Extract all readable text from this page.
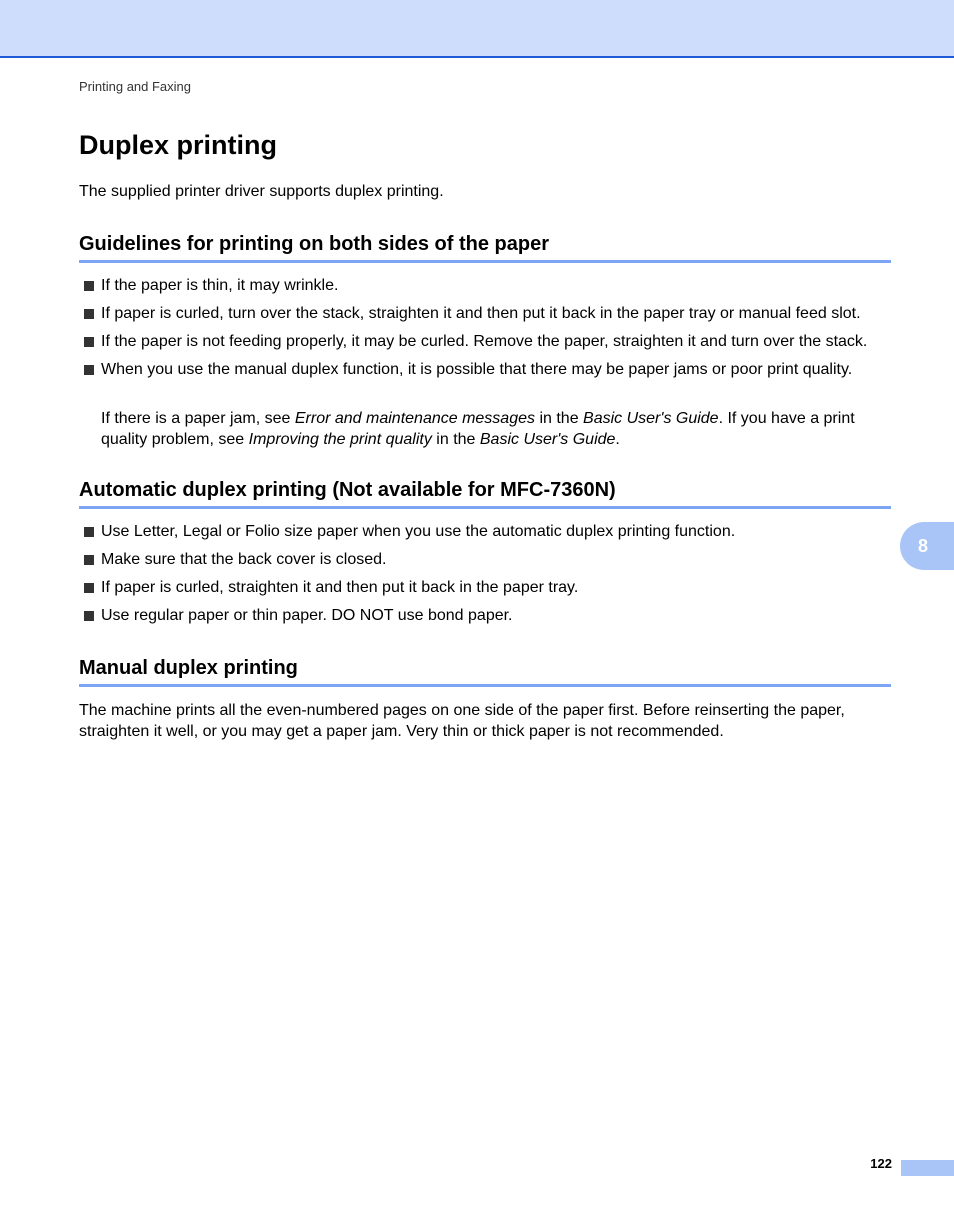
Printing and Faxing
Duplex printing

The supplied printer driver supports duplex printing.

Guidelines for printing on both sides of the paper
If the paper is thin, it may wrinkle.
If paper is curled, turn over the stack, straighten it and then put it back in the paper tray or manual feed slot.
If the paper is not feeding properly, it may be curled. Remove the paper, straighten it and turn over the stack.
When you use the manual duplex function, it is possible that there may be paper jams or poor print quality.

If there is a paper jam, see Error and maintenance messages in the Basic User's Guide. If you have a print quality problem, see Improving the print quality in the Basic User's Guide.

Automatic duplex printing (Not available for MFC-7360N)
Use Letter, Legal or Folio size paper when you use the automatic duplex printing function.
Make sure that the back cover is closed.
If paper is curled, straighten it and then put it back in the paper tray.
Use regular paper or thin paper. DO NOT use bond paper.
Manual duplex printing

The machine prints all the even-numbered pages on one side of the paper first. Before reinserting the paper, straighten it well, or you may get a paper jam. Very thin or thick paper is not recommended.

8
122
